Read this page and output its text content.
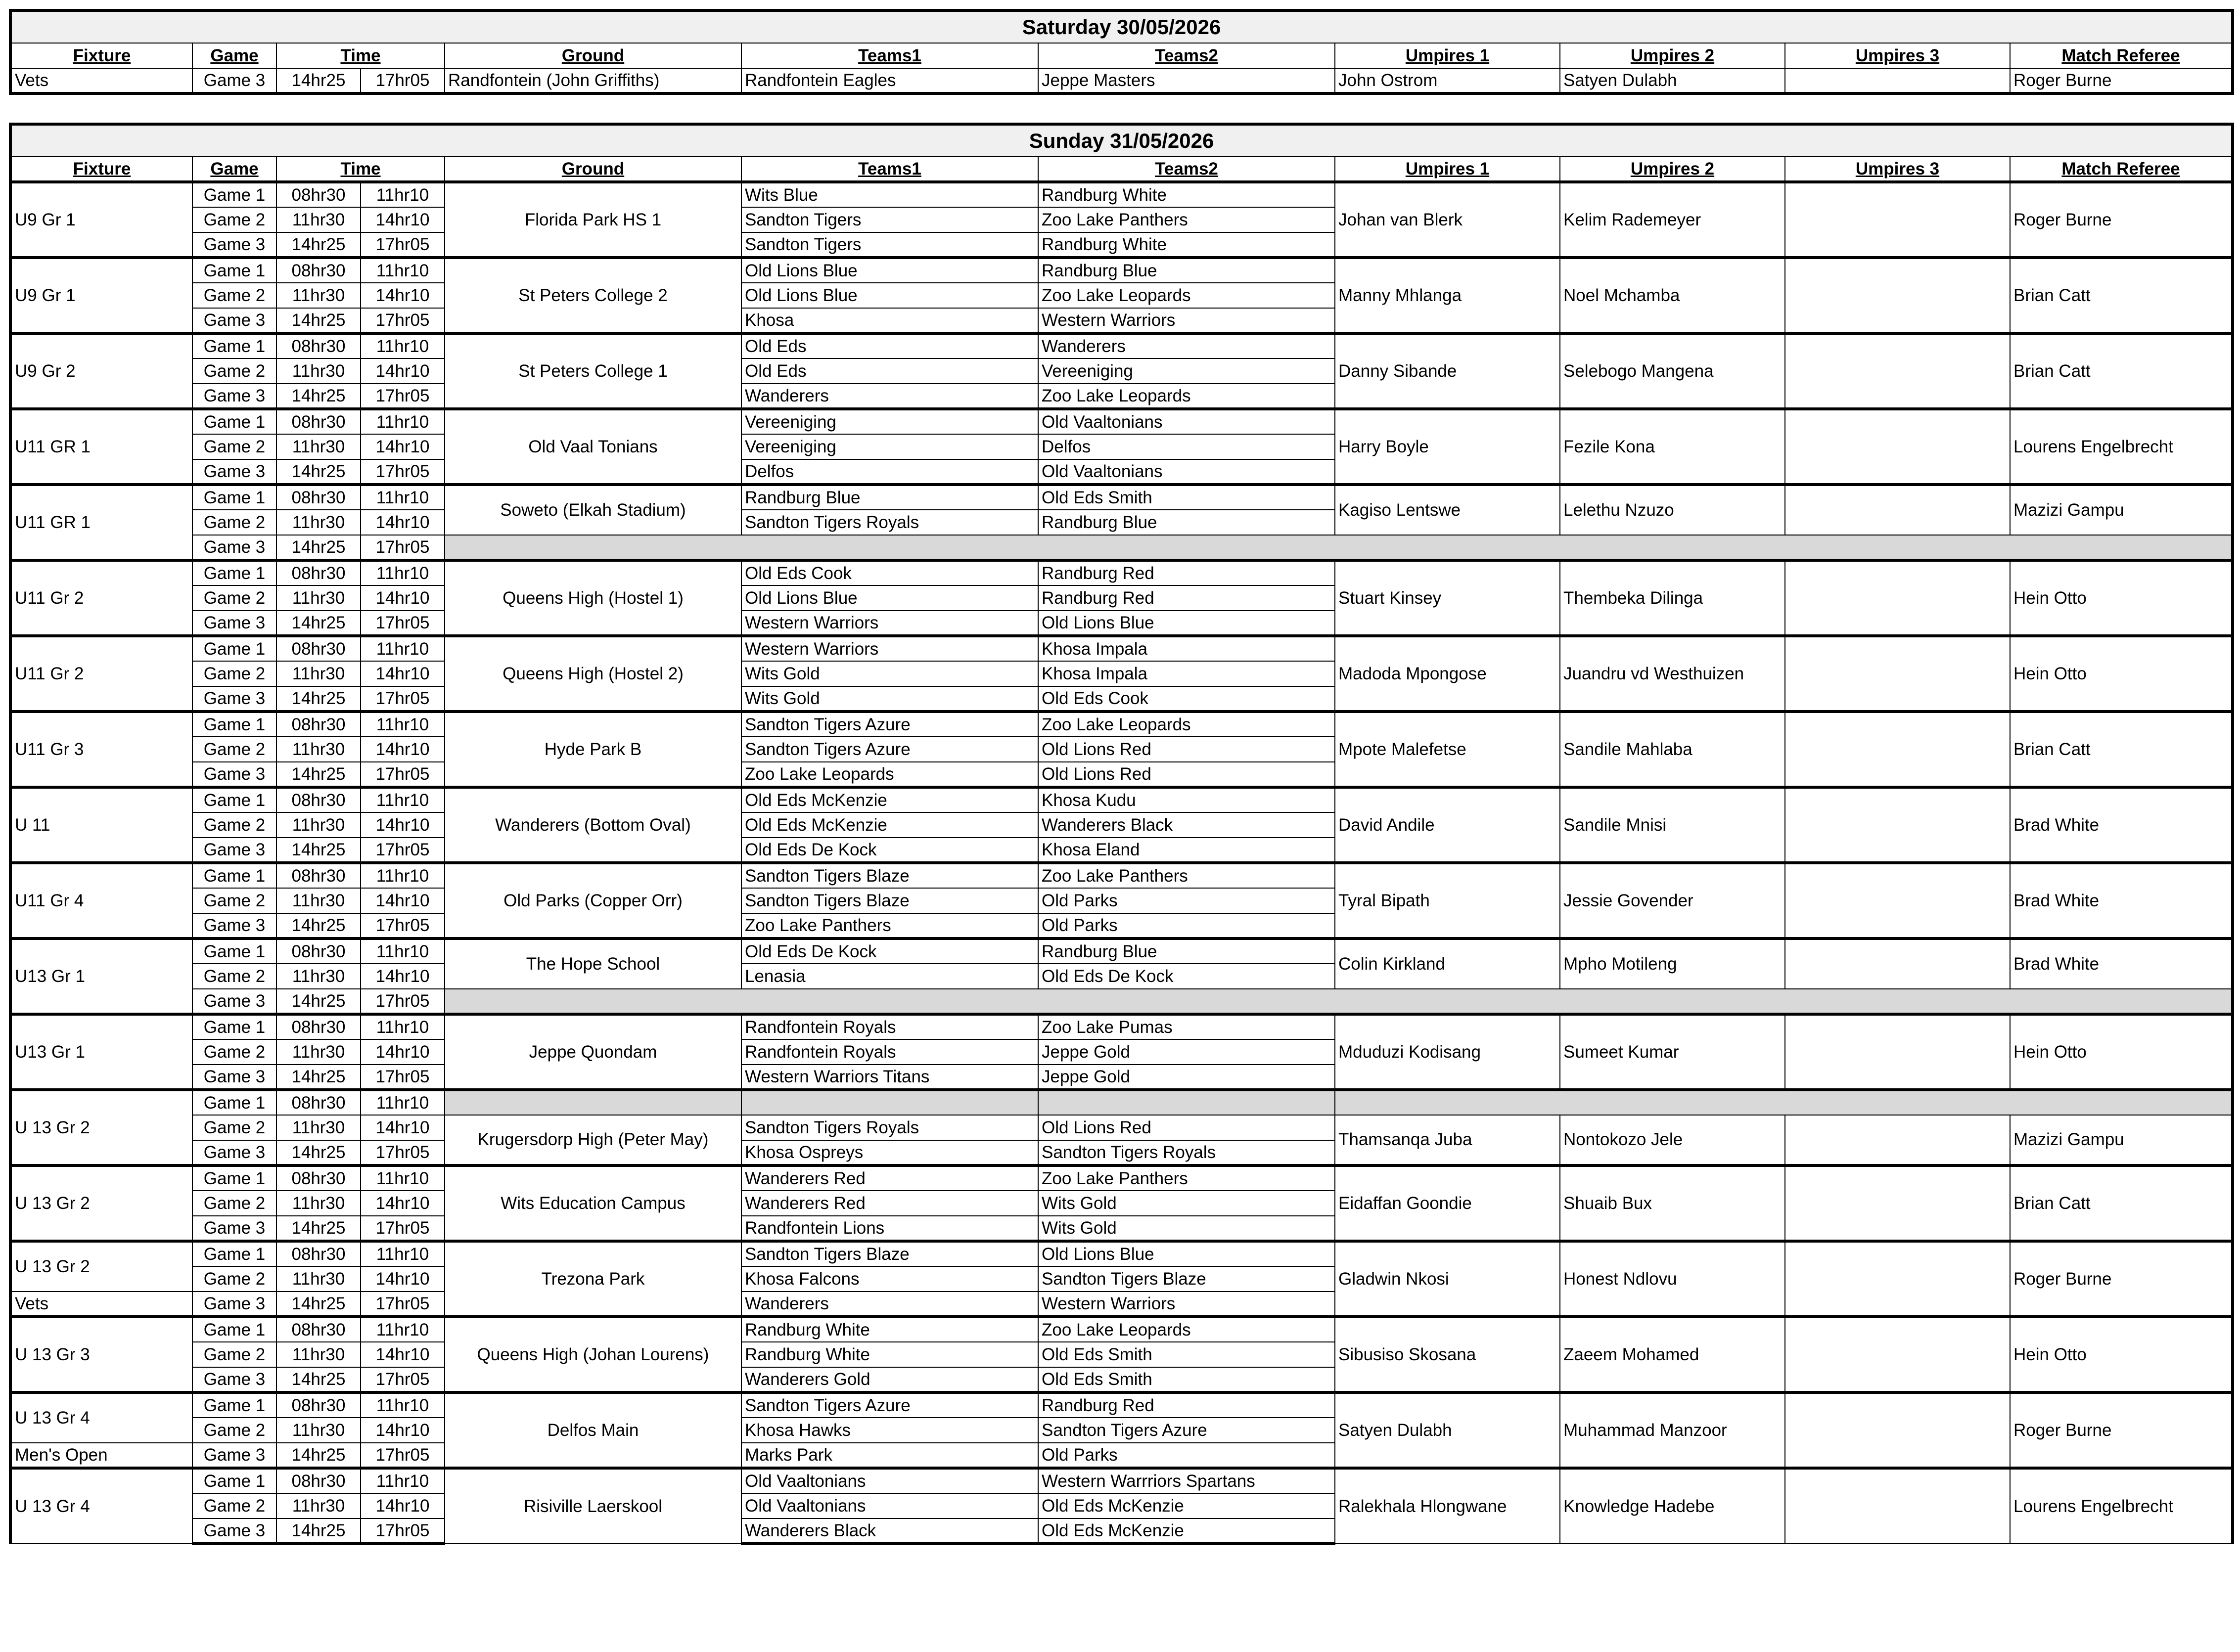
Saturday 30/05/2026										
Fixture	Game	Time		Ground	Teams1	Teams2	Umpires 1	Umpires 2	Umpires 3	Match Referee
Vets	Game 3	14hr25	17hr05	Randfontein (John Griffiths)	Randfontein Eagles	Jeppe Masters	John Ostrom	Satyen Dulabh		Roger Burne
Sunday 31/05/2026										
Fixture	Game	Time		Ground	Teams1	Teams2	Umpires 1	Umpires 2	Umpires 3	Match Referee
U9 Gr 1	Game 1	08hr30	11hr10	Florida Park HS 1	Wits Blue	Randburg White	Johan van Blerk	Kelim Rademeyer		Roger Burne
	Game 2	11hr30	14hr10		Sandton Tigers	Zoo Lake Panthers				
	Game 3	14hr25	17hr05		Sandton Tigers	Randburg White				
U9 Gr 1	Game 1	08hr30	11hr10	St Peters College 2	Old Lions Blue	Randburg Blue	Manny Mhlanga	Noel Mchamba		Brian Catt
	Game 2	11hr30	14hr10		Old Lions Blue	Zoo Lake Leopards				
	Game 3	14hr25	17hr05		Khosa	Western Warriors				
U9 Gr 2	Game 1	08hr30	11hr10	St Peters College 1	Old Eds	Wanderers	Danny Sibande	Selebogo Mangena		Brian Catt
	Game 2	11hr30	14hr10		Old Eds	Vereeniging				
	Game 3	14hr25	17hr05		Wanderers	Zoo Lake Leopards				
U11 GR 1	Game 1	08hr30	11hr10	Old Vaal Tonians	Vereeniging	Old Vaaltonians	Harry Boyle	Fezile Kona		Lourens Engelbrecht
	Game 2	11hr30	14hr10		Vereeniging	Delfos				
	Game 3	14hr25	17hr05		Delfos	Old Vaaltonians				
U11 GR 1	Game 1	08hr30	11hr10	Soweto (Elkah Stadium)	Randburg Blue	Old Eds Smith	Kagiso Lentswe	Lelethu Nzuzo		Mazizi Gampu
	Game 2	11hr30	14hr10		Sandton Tigers Royals	Randburg Blue				
	Game 3	14hr25	17hr05							
U11 Gr 2	Game 1	08hr30	11hr10	Queens High (Hostel 1)	Old Eds Cook	Randburg Red	Stuart Kinsey	Thembeka Dilinga		Hein Otto
	Game 2	11hr30	14hr10		Old Lions Blue	Randburg Red				
	Game 3	14hr25	17hr05		Western Warriors	Old Lions Blue				
U11 Gr 2	Game 1	08hr30	11hr10	Queens High (Hostel 2)	Western Warriors	Khosa Impala	Madoda Mpongose	Juandru vd Westhuizen		Hein Otto
	Game 2	11hr30	14hr10		Wits Gold	Khosa Impala				
	Game 3	14hr25	17hr05		Wits Gold	Old Eds Cook				
U11 Gr 3	Game 1	08hr30	11hr10	Hyde Park B	Sandton Tigers Azure	Zoo Lake Leopards	Mpote Malefetse	Sandile Mahlaba		Brian Catt
	Game 2	11hr30	14hr10		Sandton Tigers Azure	Old Lions Red				
	Game 3	14hr25	17hr05		Zoo Lake Leopards	Old Lions Red				
U 11	Game 1	08hr30	11hr10	Wanderers (Bottom Oval)	Old Eds McKenzie	Khosa Kudu	David Andile	Sandile Mnisi		Brad White
	Game 2	11hr30	14hr10		Old Eds McKenzie	Wanderers Black				
	Game 3	14hr25	17hr05		Old Eds De Kock	Khosa Eland				
U11 Gr 4	Game 1	08hr30	11hr10	Old Parks (Copper Orr)	Sandton Tigers Blaze	Zoo Lake Panthers	Tyral Bipath	Jessie Govender		Brad White
	Game 2	11hr30	14hr10		Sandton Tigers Blaze	Old Parks				
	Game 3	14hr25	17hr05		Zoo Lake Panthers	Old Parks				
U13 Gr 1	Game 1	08hr30	11hr10	The Hope School	Old Eds De Kock	Randburg Blue	Colin Kirkland	Mpho Motileng		Brad White
	Game 2	11hr30	14hr10		Lenasia	Old Eds De Kock				
	Game 3	14hr25	17hr05							
U13 Gr 1	Game 1	08hr30	11hr10	Jeppe Quondam	Randfontein Royals	Zoo Lake Pumas	Mduduzi Kodisang	Sumeet Kumar		Hein Otto
	Game 2	11hr30	14hr10		Randfontein Royals	Jeppe Gold				
	Game 3	14hr25	17hr05		Western Warriors Titans	Jeppe Gold				
U 13 Gr 2	Game 1	08hr30	11hr10							
	Game 2	11hr30	14hr10	Krugersdorp High (Peter May)	Sandton Tigers Royals	Old Lions Red	Thamsanqa Juba	Nontokozo Jele		Mazizi Gampu
	Game 3	14hr25	17hr05		Khosa Ospreys	Sandton Tigers Royals				
U 13 Gr 2	Game 1	08hr30	11hr10	Wits Education Campus	Wanderers Red	Zoo Lake Panthers	Eidaffan Goondie	Shuaib Bux		Brian Catt
	Game 2	11hr30	14hr10		Wanderers Red	Wits Gold				
	Game 3	14hr25	17hr05		Randfontein Lions	Wits Gold				
U 13 Gr 2	Game 1	08hr30	11hr10	Trezona Park	Sandton Tigers Blaze	Old Lions Blue	Gladwin Nkosi	Honest Ndlovu		Roger Burne
	Game 2	11hr30	14hr10		Khosa Falcons	Sandton Tigers Blaze				
Vets	Game 3	14hr25	17hr05		Wanderers	Western Warriors				
U 13 Gr 3	Game 1	08hr30	11hr10	Queens High (Johan Lourens)	Randburg White	Zoo Lake Leopards	Sibusiso Skosana	Zaeem Mohamed		Hein Otto
	Game 2	11hr30	14hr10		Randburg White	Old Eds Smith				
	Game 3	14hr25	17hr05		Wanderers Gold	Old Eds Smith				
U 13 Gr 4	Game 1	08hr30	11hr10	Delfos Main	Sandton Tigers Azure	Randburg Red	Satyen Dulabh	Muhammad Manzoor		Roger Burne
	Game 2	11hr30	14hr10		Khosa Hawks	Sandton Tigers Azure				
Men's Open	Game 3	14hr25	17hr05		Marks Park	Old Parks				
U 13 Gr 4	Game 1	08hr30	11hr10	Risiville Laerskool	Old Vaaltonians	Western Warrriors Spartans	Ralekhala Hlongwane	Knowledge Hadebe		Lourens Engelbrecht
	Game 2	11hr30	14hr10		Old Vaaltonians	Old Eds McKenzie				
	Game 3	14hr25	17hr05		Wanderers Black	Old Eds McKenzie				
